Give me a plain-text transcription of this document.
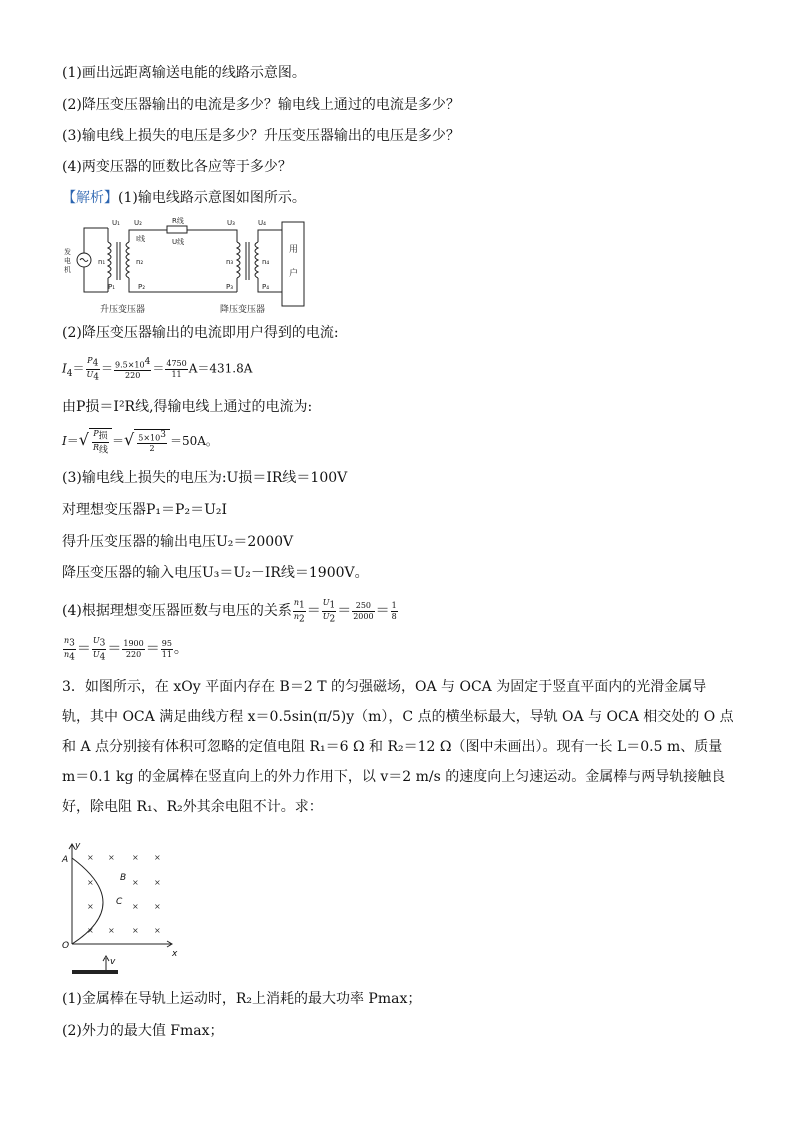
(1)画出远距离输送电能的线路示意图。
(2)降压变压器输出的电流是多少？输电线上通过的电流是多少？
(3)输电线上损失的电压是多少？升压变压器输出的电压是多少？
(4)两变压器的匝数比各应等于多少？
【解析】(1)输电线路示意图如图所示。
发
电
机
U₁ U₂	R线	U₃	U₄
I线	U线
n₁	n₂	n₃	n₄
P₁	P₂	P₃	P₄
用
户
升压变压器	降压变压器
(2)降压变压器输出的电流即用户得到的电流:
$I_4= \frac{P_4}{U_4} = \frac{9.5\times 10^4}{220} = \frac{4750}{11} A=431.8A$
由P损＝I²R线,得输电线上通过的电流为:
$I=√ \frac{P_损}{R_线}$ ＝√ $\frac{5\times 10^3}{2} =50A$。
(3)输电线上损失的电压为:U损＝IR线＝100V
对理想变压器P₁＝P₂＝U₂I
得升压变压器的输出电压U₂＝2000V
降压变压器的输入电压U₃＝U₂－IR线＝1900V。
(4)根据理想变压器匝数与电压的关系 $\frac{n_1}{n_2} = \frac{U_1}{U_2} = \frac{250}{2000} = \frac{1}{8}$
$\frac{n_3}{n_4} = \frac{U_3}{U_4} = \frac{1900}{220} = \frac{95}{11}$ 。
3．如图所示，在 xOy 平面内存在 B＝2 T 的匀强磁场，OA 与 OCA 为固定于竖直平面内的光滑金属导轨，其中 OCA 满足曲线方程 x＝0.5sin(π/5)y（m），C 点的横坐标最大，导轨 OA 与 OCA 相交处的 O 点和 A 点分别接有体积可忽略的定值电阻 R₁＝6 Ω 和 R₂＝12 Ω（图中未画出）。现有一长 L＝0.5 m、质量 m＝0.1 kg 的金属棒在竖直向上的外力作用下，以 v＝2 m/s 的速度向上匀速运动。金属棒与两导轨接触良好，除电阻 R₁、R₂外其余电阻不计。求：
× × × ×
×	× ×
×	× ×
× × × ×
y
A
B
C
O
x
v
(1)金属棒在导轨上运动时，R₂上消耗的最大功率 Pmax；
(2)外力的最大值 Fmax；
